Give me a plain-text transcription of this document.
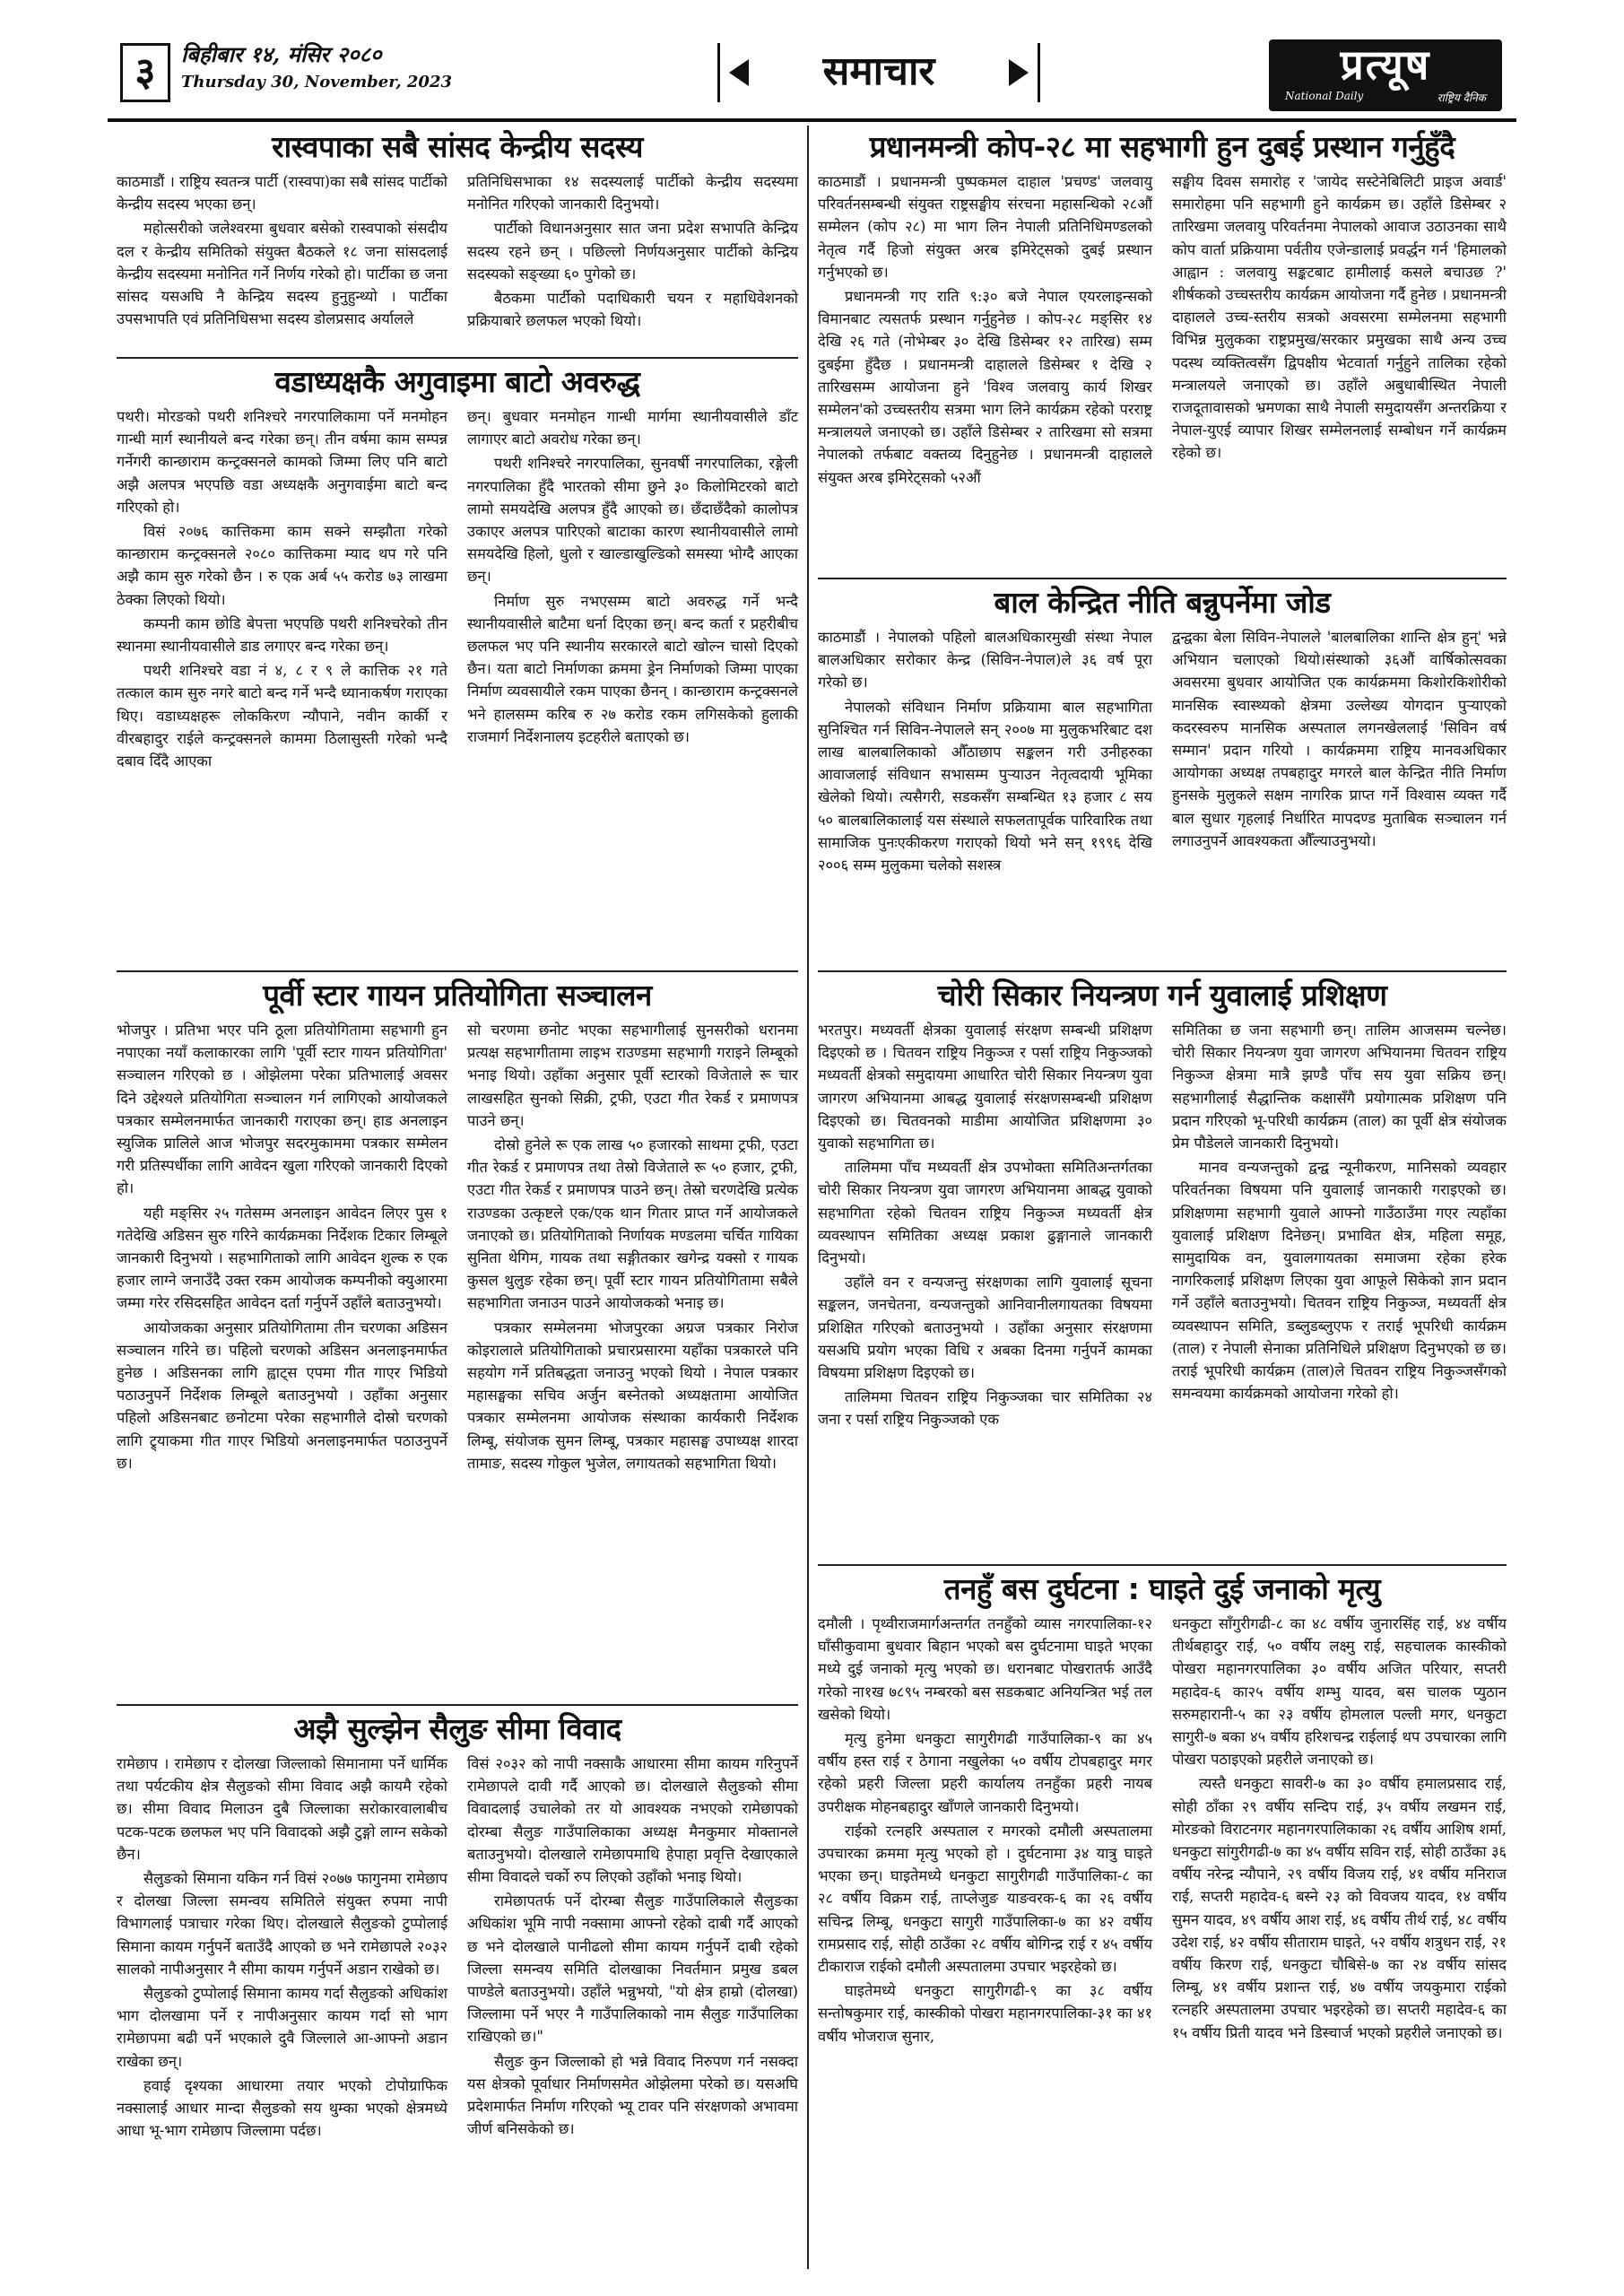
३	बिहीबार १४, मंसिर २०८०
Thursday 30, November, 2023	समाचार	प्रत्यूष
National Daily	राष्ट्रिय दैनिक
रास्वपाका सबै सांसद केन्द्रीय सदस्य

काठमाडौं । राष्ट्रिय स्वतन्त्र पार्टी (रास्वपा)का सबै सांसद पार्टीको केन्द्रीय सदस्य भएका छन्।

महोत्सरीको जलेश्वरमा बुधवार बसेको रास्वपाको संसदीय दल र केन्द्रीय समितिको संयुक्त बैठकले १८ जना सांसदलाई केन्द्रीय सदस्यमा मनोनित गर्ने निर्णय गरेको हो। पार्टीका छ जना सांसद यसअघि नै केन्द्रिय सदस्य हुनुहुन्थ्यो । पार्टीका उपसभापति एवं प्रतिनिधिसभा सदस्य डोलप्रसाद अर्यालले

प्रतिनिधिसभाका १४ सदस्यलाई पार्टीको केन्द्रीय सदस्यमा मनोनित गरिएको जानकारी दिनुभयो।

पार्टीको विधानअनुसार सात जना प्रदेश सभापति केन्द्रिय सदस्य रहने छन् । पछिल्लो निर्णयअनुसार पार्टीको केन्द्रिय सदस्यको सङ्ख्या ६० पुगेको छ।

बैठकमा पार्टीको पदाधिकारी चयन र महाधिवेशनको प्रक्रियाबारे छलफल भएको थियो।

वडाध्यक्षकै अगुवाइमा बाटो अवरुद्ध

पथरी। मोरङको पथरी शनिश्चरे नगरपालिकामा पर्ने मनमोहन गान्धी मार्ग स्थानीयले बन्द गरेका छन्। तीन वर्षमा काम सम्पन्न गर्नेगरी कान्छाराम कन्ट्रक्सनले कामको जिम्मा लिए पनि बाटो अझै अलपत्र भएपछि वडा अध्यक्षकै अनुगवाईमा बाटो बन्द गरिएको हो।

विसं २०७६ कात्तिकमा काम सक्ने सम्झौता गरेको कान्छाराम कन्ट्रक्सनले २०८० कात्तिकमा म्याद थप गरे पनि अझै काम सुरु गरेको छैन । रु एक अर्ब ५५ करोड ७३ लाखमा ठेक्का लिएको थियो।

कम्पनी काम छोडि बेपत्ता भएपछि पथरी शनिश्चरेको तीन स्थानमा स्थानीयवासीले डाड लगाएर बन्द गरेका छन्।

पथरी शनिश्चरे वडा नं ४, ८ र ९ ले कात्तिक २१ गते तत्काल काम सुरु नगरे बाटो बन्द गर्ने भन्दै ध्यानाकर्षण गराएका थिए। वडाध्यक्षहरू लोककिरण न्यौपाने, नवीन कार्की र वीरबहादुर राईले कन्ट्रक्सनले काममा ठिलासुस्ती गरेको भन्दै दबाव दिँदै आएका

छन्। बुधवार मनमोहन गान्धी मार्गमा स्थानीयवासीले डाँट लागाएर बाटो अवरोध गरेका छन्।

पथरी शनिश्चरे नगरपालिका, सुनवर्षी नगरपालिका, रङ्गेली नगरपालिका हुँदै भारतको सीमा छुने ३० किलोमिटरको बाटो लामो समयदेखि अलपत्र हुँदै आएको छ। छँदाछँदैको कालोपत्र उकाएर अलपत्र पारिएको बाटाका कारण स्थानीयवासीले लामो समयदेखि हिलो, धुलो र खाल्डाखुल्डिको समस्या भोग्दै आएका छन्।

निर्माण सुरु नभएसम्म बाटो अवरुद्ध गर्ने भन्दै स्थानीयवासीले बाटैमा धर्ना दिएका छन्। बन्द कर्ता र प्रहरीबीच छलफल भए पनि स्थानीय सरकारले बाटो खोल्न चासो दिएको छैन। यता बाटो निर्माणका क्रममा ड्रेन निर्माणको जिम्मा पाएका निर्माण व्यवसायीले रकम पाएका छैनन् । कान्छाराम कन्ट्रक्सनले भने हालसम्म करिब रु २७ करोड रकम लगिसकेको हुलाकी राजमार्ग निर्देशनालय इटहरीले बताएको छ।

पूर्वी स्टार गायन प्रतियोगिता सञ्चालन

भोजपुर । प्रतिभा भएर पनि ठूला प्रतियोगितामा सहभागी हुन नपाएका नयाँ कलाकारका लागि 'पूर्वी स्टार गायन प्रतियोगिता' सञ्चालन गरिएको छ । ओझेलमा परेका प्रतिभालाई अवसर दिने उद्देश्यले प्रतियोगिता सञ्चालन गर्न लागिएको आयोजकले पत्रकार सम्मेलनमार्फत जानकारी गराएका छन्। हाड अनलाइन स्युजिक प्रालिले आज भोजपुर सदरमुकाममा पत्रकार सम्मेलन गरी प्रतिस्पर्धीका लागि आवेदन खुला गरिएको जानकारी दिएको हो।

यही मङ्सिर २५ गतेसम्म अनलाइन आवेदन लिएर पुस १ गतेदेखि अडिसन सुरु गरिने कार्यक्रमका निर्देशक टिकार लिम्बूले जानकारी दिनुभयो । सहभागिताको लागि आवेदन शुल्क रु एक हजार लाग्ने जनाउँदै उक्त रकम आयोजक कम्पनीको क्युआरमा जम्मा गरेर रसिदसहित आवेदन दर्ता गर्नुपर्ने उहाँले बताउनुभयो।

आयोजकका अनुसार प्रतियोगितामा तीन चरणका अडिसन सञ्चालन गरिने छ। पहिलो चरणको अडिसन अनलाइनमार्फत हुनेछ । अडिसनका लागि ह्वाट्स एपमा गीत गाएर भिडियो पठाउनुपर्ने निर्देशक लिम्बूले बताउनुभयो । उहाँका अनुसार पहिलो अडिसनबाट छनोटमा परेका सहभागीले दोस्रो चरणको लागि ट्र्याकमा गीत गाएर भिडियो अनलाइनमार्फत पठाउनुपर्ने छ।

सो चरणमा छनोट भएका सहभागीलाई सुनसरीको धरानमा प्रत्यक्ष सहभागीतामा लाइभ राउण्डमा सहभागी गराइने लिम्बूको भनाइ थियो। उहाँका अनुसार पूर्वी स्टारको विजेताले रू चार लाखसहित सुनको सिक्री, ट्रफी, एउटा गीत रेकर्ड र प्रमाणपत्र पाउने छन्।

दोस्रो हुनेले रू एक लाख ५० हजारको साथमा ट्रफी, एउटा गीत रेकर्ड र प्रमाणपत्र तथा तेस्रो विजेताले रू ५० हजार, ट्रफी, एउटा गीत रेकर्ड र प्रमाणपत्र पाउने छन्। तेस्रो चरणदेखि प्रत्येक राउण्डका उत्कृष्टले एक/एक थान गितार प्राप्त गर्ने आयोजकले जनाएको छ। प्रतियोगिताको निर्णायक मण्डलमा चर्चित गायिका सुनिता थेगिम, गायक तथा सङ्गीतकार खगेन्द्र यक्सो र गायक कुसल थुलुङ रहेका छन्। पूर्वी स्टार गायन प्रतियोगितामा सबैले सहभागिता जनाउन पाउने आयोजकको भनाइ छ।

पत्रकार सम्मेलनमा भोजपुरका अग्रज पत्रकार निरोज कोइरालाले प्रतियोगिताको प्रचारप्रसारमा यहाँका पत्रकारले पनि सहयोग गर्ने प्रतिबद्धता जनाउनु भएको थियो । नेपाल पत्रकार महासङ्घका सचिव अर्जुन बस्नेतको अध्यक्षतामा आयोजित पत्रकार सम्मेलनमा आयोजक संस्थाका कार्यकारी निर्देशक लिम्बू, संयोजक सुमन लिम्बू, पत्रकार महासङ्घ उपाध्यक्ष शारदा तामाङ, सदस्य गोकुल भुजेल, लगायतको सहभागिता थियो।

अझै सुल्झेन सैलुङ सीमा विवाद

रामेछाप । रामेछाप र दोलखा जिल्लाको सिमानामा पर्ने धार्मिक तथा पर्यटकीय क्षेत्र सैलुङको सीमा विवाद अझै कायमै रहेको छ। सीमा विवाद मिलाउन दुबै जिल्लाका सरोकारवालाबीच पटक-पटक छलफल भए पनि विवादको अझै टुङ्गो लाग्न सकेको छैन।

सैलुङको सिमाना यकिन गर्न विसं २०७७ फागुनमा रामेछाप र दोलखा जिल्ला समन्वय समितिले संयुक्त रुपमा नापी विभागलाई पत्राचार गरेका थिए। दोलखाले सैलुङको टुप्पोलाई सिमाना कायम गर्नुपर्ने बताउँदै आएको छ भने रामेछापले २०३२ सालको नापीअनुसार नै सीमा कायम गर्नुपर्ने अडान राखेको छ।

सैलुङको टुप्पोलाई सिमाना कामय गर्दा सैलुङको अधिकांश भाग दोलखामा पर्ने र नापीअनुसार कायम गर्दा सो भाग रामेछापमा बढी पर्ने भएकाले दुवै जिल्लाले आ-आफ्नो अडान राखेका छन्।

हवाई दृश्यका आधारमा तयार भएको टोपोग्राफिक नक्सालाई आधार मान्दा सैलुङको सय थुम्का भएको क्षेत्रमध्ये आधा भू-भाग रामेछाप जिल्लामा पर्दछ।

विसं २०३२ को नापी नक्साकै आधारमा सीमा कायम गरिनुपर्ने रामेछापले दावी गर्दै आएको छ। दोलखाले सैलुङको सीमा विवादलाई उचालेको तर यो आवश्यक नभएको रामेछापको दोरम्बा सैलुङ गाउँपालिकाका अध्यक्ष मैनकुमार मोक्तानले बताउनुभयो। दोलखाले रामेछापमाथि हेपाहा प्रवृत्ति देखाएकाले सीमा विवादले चर्को रुप लिएको उहाँको भनाइ थियो।

रामेछापतर्फ पर्ने दोरम्बा सैलुङ गाउँपालिकाले सैलुङका अधिकांश भूमि नापी नक्सामा आफ्नो रहेको दाबी गर्दै आएको छ भने दोलखाले पानीढलो सीमा कायम गर्नुपर्ने दाबी रहेको जिल्ला समन्वय समिति दोलखाका निवर्तमान प्रमुख डबल पाण्डेले बताउनुभयो। उहाँले भन्नुभयो, "यो क्षेत्र हाम्रो (दोलखा) जिल्लामा पर्ने भएर नै गाउँपालिकाको नाम सैलुङ गाउँपालिका राखिएको छ।"

सैलुङ कुन जिल्लाको हो भन्ने विवाद निरुपण गर्न नसक्दा यस क्षेत्रको पूर्वाधार निर्माणसमेत ओझेलमा परेको छ। यसअघि प्रदेशमार्फत निर्माण गरिएको भ्यू टावर पनि संरक्षणको अभावमा जीर्ण बनिसकेको छ।

प्रधानमन्त्री कोप-२८ मा सहभागी हुन दुबई प्रस्थान गर्नुहुँदै

काठमाडौं । प्रधानमन्त्री पुष्पकमल दाहाल 'प्रचण्ड' जलवायु परिवर्तनसम्बन्धी संयुक्त राष्ट्रसङ्घीय संरचना महासन्धिको २८औं सम्मेलन (कोप २८) मा भाग लिन नेपाली प्रतिनिधिमण्डलको नेतृत्व गर्दै हिजो संयुक्त अरब इमिरेट्सको दुबई प्रस्थान गर्नुभएको छ।

प्रधानमन्त्री गए राति ९:३० बजे नेपाल एयरलाइन्सको विमानबाट त्यसतर्फ प्रस्थान गर्नुहुनेछ । कोप-२८ मङ्सिर १४ देखि २६ गते (नोभेम्बर ३० देखि डिसेम्बर १२ तारिख) सम्म दुबईमा हुँदैछ । प्रधानमन्त्री दाहालले डिसेम्बर १ देखि २ तारिखसम्म आयोजना हुने 'विश्व जलवायु कार्य शिखर सम्मेलन'को उच्चस्तरीय सत्रमा भाग लिने कार्यक्रम रहेको परराष्ट्र मन्त्रालयले जनाएको छ। उहाँले डिसेम्बर २ तारिखमा सो सत्रमा नेपालको तर्फबाट वक्तव्य दिनुहुनेछ । प्रधानमन्त्री दाहालले संयुक्त अरब इमिरेट्सको ५२औं

सङ्घीय दिवस समारोह र 'जायेद सस्टेनेबिलिटी प्राइज अवार्ड' समारोहमा पनि सहभागी हुने कार्यक्रम छ। उहाँले डिसेम्बर २ तारिखमा जलवायु परिवर्तनमा नेपालको आवाज उठाउनका साथै कोप वार्ता प्रक्रियामा पर्वतीय एजेन्डालाई प्रवर्द्धन गर्न 'हिमालको आह्वान : जलवायु सङ्कटबाट हामीलाई कसले बचाउछ ?' शीर्षकको उच्चस्तरीय कार्यक्रम आयोजना गर्दै हुनेछ । प्रधानमन्त्री दाहालले उच्च-स्तरीय सत्रको अवसरमा सम्मेलनमा सहभागी विभिन्न मुलुकका राष्ट्रप्रमुख/सरकार प्रमुखका साथै अन्य उच्च पदस्थ व्यक्तित्वसँग द्विपक्षीय भेटवार्ता गर्नुहुने तालिका रहेको मन्त्रालयले जनाएको छ। उहाँले अबुधाबीस्थित नेपाली राजदूतावासको भ्रमणका साथै नेपाली समुदायसँग अन्तरक्रिया र नेपाल-युएई व्यापार शिखर सम्मेलनलाई सम्बोधन गर्ने कार्यक्रम रहेको छ।

बाल केन्द्रित नीति बन्नुपर्नेमा जोड

काठमाडौं । नेपालको पहिलो बालअधिकारमुखी संस्था नेपाल बालअधिकार सरोकार केन्द्र (सिविन-नेपाल)ले ३६ वर्ष पूरा गरेको छ।

नेपालको संविधान निर्माण प्रक्रियामा बाल सहभागिता सुनिश्चित गर्न सिविन-नेपालले सन् २००७ मा मुलुकभरिबाट दश लाख बालबालिकाको औँठाछाप सङ्कलन गरी उनीहरुका आवाजलाई संविधान सभासम्म पुऱ्याउन नेतृत्वदायी भूमिका खेलेको थियो। त्यसैगरी, सडकसँग सम्बन्धित १३ हजार ८ सय ५० बालबालिकालाई यस संस्थाले सफलतापूर्वक पारिवारिक तथा सामाजिक पुनःएकीकरण गराएको थियो भने सन् १९९६ देखि २००६ सम्म मुलुकमा चलेको सशस्त्र

द्वन्द्वका बेला सिविन-नेपालले 'बालबालिका शान्ति क्षेत्र हुन्' भन्ने अभियान चलाएको थियो।संस्थाको ३६औं वार्षिकोत्सवका अवसरमा बुधवार आयोजित एक कार्यक्रममा किशोरकिशोरीको मानसिक स्वास्थ्यको क्षेत्रमा उल्लेख्य योगदान पुऱ्याएको कदरस्वरुप मानसिक अस्पताल लगनखेललाई 'सिविन वर्ष सम्मान' प्रदान गरियो । कार्यक्रममा राष्ट्रिय मानवअधिकार आयोगका अध्यक्ष तपबहादुर मगरले बाल केन्द्रित नीति निर्माण हुनसके मुलुकले सक्षम नागरिक प्राप्त गर्ने विश्वास व्यक्त गर्दै बाल सुधार गृहलाई निर्धारित मापदण्ड मुताबिक सञ्चालन गर्न लगाउनुपर्ने आवश्यकता औँल्याउनुभयो।

चोरी सिकार नियन्त्रण गर्न युवालाई प्रशिक्षण

भरतपुर। मध्यवर्ती क्षेत्रका युवालाई संरक्षण सम्बन्धी प्रशिक्षण दिइएको छ । चितवन राष्ट्रिय निकुञ्ज र पर्सा राष्ट्रिय निकुञ्जको मध्यवर्ती क्षेत्रको समुदायमा आधारित चोरी सिकार नियन्त्रण युवा जागरण अभियानमा आबद्ध युवालाई संरक्षणसम्बन्धी प्रशिक्षण दिइएको छ। चितवनको माडीमा आयोजित प्रशिक्षणमा ३० युवाको सहभागिता छ।

तालिममा पाँच मध्यवर्ती क्षेत्र उपभोक्ता समितिअन्तर्गतका चोरी सिकार नियन्त्रण युवा जागरण अभियानमा आबद्ध युवाको सहभागिता रहेको चितवन राष्ट्रिय निकुञ्ज मध्यवर्ती क्षेत्र व्यवस्थापन समितिका अध्यक्ष प्रकाश ढुङ्गानाले जानकारी दिनुभयो।

उहाँले वन र वन्यजन्तु संरक्षणका लागि युवालाई सूचना सङ्कलन, जनचेतना, वन्यजन्तुको आनिवानीलगायतका विषयमा प्रशिक्षित गरिएको बताउनुभयो । उहाँका अनुसार संरक्षणमा यसअघि प्रयोग भएका विधि र अबका दिनमा गर्नुपर्ने कामका विषयमा प्रशिक्षण दिइएको छ।

तालिममा चितवन राष्ट्रिय निकुञ्जका चार समितिका २४ जना र पर्सा राष्ट्रिय निकुञ्जको एक

समितिका छ जना सहभागी छन्। तालिम आजसम्म चल्नेछ। चोरी सिकार नियन्त्रण युवा जागरण अभियानमा चितवन राष्ट्रिय निकुञ्ज क्षेत्रमा मात्रै झण्डै पाँच सय युवा सक्रिय छन्। सहभागीलाई सैद्धान्तिक कक्षासँगै प्रयोगात्मक प्रशिक्षण पनि प्रदान गरिएको भू-परिधी कार्यक्रम (ताल) का पूर्वी क्षेत्र संयोजक प्रेम पौडेलले जानकारी दिनुभयो।

मानव वन्यजन्तुको द्वन्द्व न्यूनीकरण, मानिसको व्यवहार परिवर्तनका विषयमा पनि युवालाई जानकारी गराइएको छ। प्रशिक्षणमा सहभागी युवाले आफ्नो गाउँठाउँमा गएर त्यहाँका युवालाई प्रशिक्षण दिनेछन्। प्रभावित क्षेत्र, महिला समूह, सामुदायिक वन, युवालगायतका समाजमा रहेका हरेक नागरिकलाई प्रशिक्षण लिएका युवा आफूले सिकेको ज्ञान प्रदान गर्ने उहाँले बताउनुभयो। चितवन राष्ट्रिय निकुञ्ज, मध्यवर्ती क्षेत्र व्यवस्थापन समिति, डब्लुडब्लुएफ र तराई भूपरिधी कार्यक्रम (ताल) र नेपाली सेनाका प्रतिनिधिले प्रशिक्षण दिनुभएको छ छ। तराई भूपरिधी कार्यक्रम (ताल)ले चितवन राष्ट्रिय निकुञ्जसँगको समन्वयमा कार्यक्रमको आयोजना गरेको हो।

तनहुँ बस दुर्घटना : घाइते दुई जनाको मृत्यु

दमौली । पृथ्वीराजमार्गअन्तर्गत तनहुँको व्यास नगरपालिका-१२ घाँसीकुवामा बुधवार बिहान भएको बस दुर्घटनामा घाइते भएका मध्ये दुई जनाको मृत्यु भएको छ। धरानबाट पोखरातर्फ आउँदै गरेको ना१ख ७८९५ नम्बरको बस सडकबाट अनियन्त्रित भई तल खसेको थियो।

मृत्यु हुनेमा धनकुटा सागुरीगढी गाउँपालिका-९ का ४५ वर्षीय हस्त राई र ठेगाना नखुलेका ५० वर्षीय टोपबहादुर मगर रहेको प्रहरी जिल्ला प्रहरी कार्यालय तनहुँका प्रहरी नायब उपरीक्षक मोहनबहादुर खाँणले जानकारी दिनुभयो।

राईको रत्नहरि अस्पताल र मगरको दमौली अस्पतालमा उपचारका क्रममा मृत्यु भएको हो । दुर्घटनामा ३४ यात्रु घाइते भएका छन्। घाइतेमध्ये धनकुटा सागुरीगढी गाउँपालिका-८ का २८ वर्षीय विक्रम राई, ताप्लेजुङ याङवरक-६ का २६ वर्षीय सचिन्द्र लिम्बू, धनकुटा सागुरी गाउँपालिका-७ का ४२ वर्षीय रामप्रसाद राई, सोही ठाउँका २८ वर्षीय बोगिन्द्र राई र ४५ वर्षीय टीकाराज राईको दमौली अस्पतालमा उपचार भइरहेको छ।

घाइतेमध्ये धनकुटा सागुरीगढी-९ का ३८ वर्षीय सन्तोषकुमार राई, कास्कीको पोखरा महानगरपालिका-३१ का ४१ वर्षीय भोजराज सुनार,

धनकुटा साँगुरीगढी-८ का ४८ वर्षीय जुनारसिंह राई, ४४ वर्षीय तीर्थबहादुर राई, ५० वर्षीय लक्ष्मु राई, सहचालक कास्कीको पोखरा महानगरपालिका ३० वर्षीय अजित परियार, सप्तरी महादेव-६ का२५ वर्षीय शम्भु यादव, बस चालक प्युठान सरुमहारानी-५ का २३ वर्षीय होमलाल पल्ली मगर, धनकुटा सागुरी-७ बका ४५ वर्षीय हरिशचन्द्र राईलाई थप उपचारका लागि पोखरा पठाइएको प्रहरीले जनाएको छ।

त्यस्तै धनकुटा सावरी-७ का ३० वर्षीय हमालप्रसाद राई, सोही ठाँका २९ वर्षीय सन्दिप राई, ३५ वर्षीय लखमन राई, मोरङको विराटनगर महानगरपालिकाका २६ वर्षीय आशिष शर्मा, धनकुटा सांगुरीगढी-७ का ४५ वर्षीय सविन राई, सोही ठाउँका ३६ वर्षीय नरेन्द्र न्यौपाने, २९ वर्षीय विजय राई, ४१ वर्षीय मनिराज राई, सप्तरी महादेव-६ बस्ने २३ को विवजय यादव, १४ वर्षीय सुमन यादव, ४९ वर्षीय आश राई, ४६ वर्षीय तीर्थ राई, ४८ वर्षीय उदेश राई, ४२ वर्षीय सीताराम घाइते, ५२ वर्षीय शत्रुधन राई, २१ वर्षीय किरण राई, धनकुटा चौबिसे-७ का २४ वर्षीय सांसद लिम्बू, ४१ वर्षीय प्रशान्त राई, ४७ वर्षीय जयकुमारा राईको रत्नहरि अस्पतालमा उपचार भइरहेको छ। सप्तरी महादेव-६ का १५ वर्षीय प्रिती यादव भने डिस्चार्ज भएको प्रहरीले जनाएको छ।
